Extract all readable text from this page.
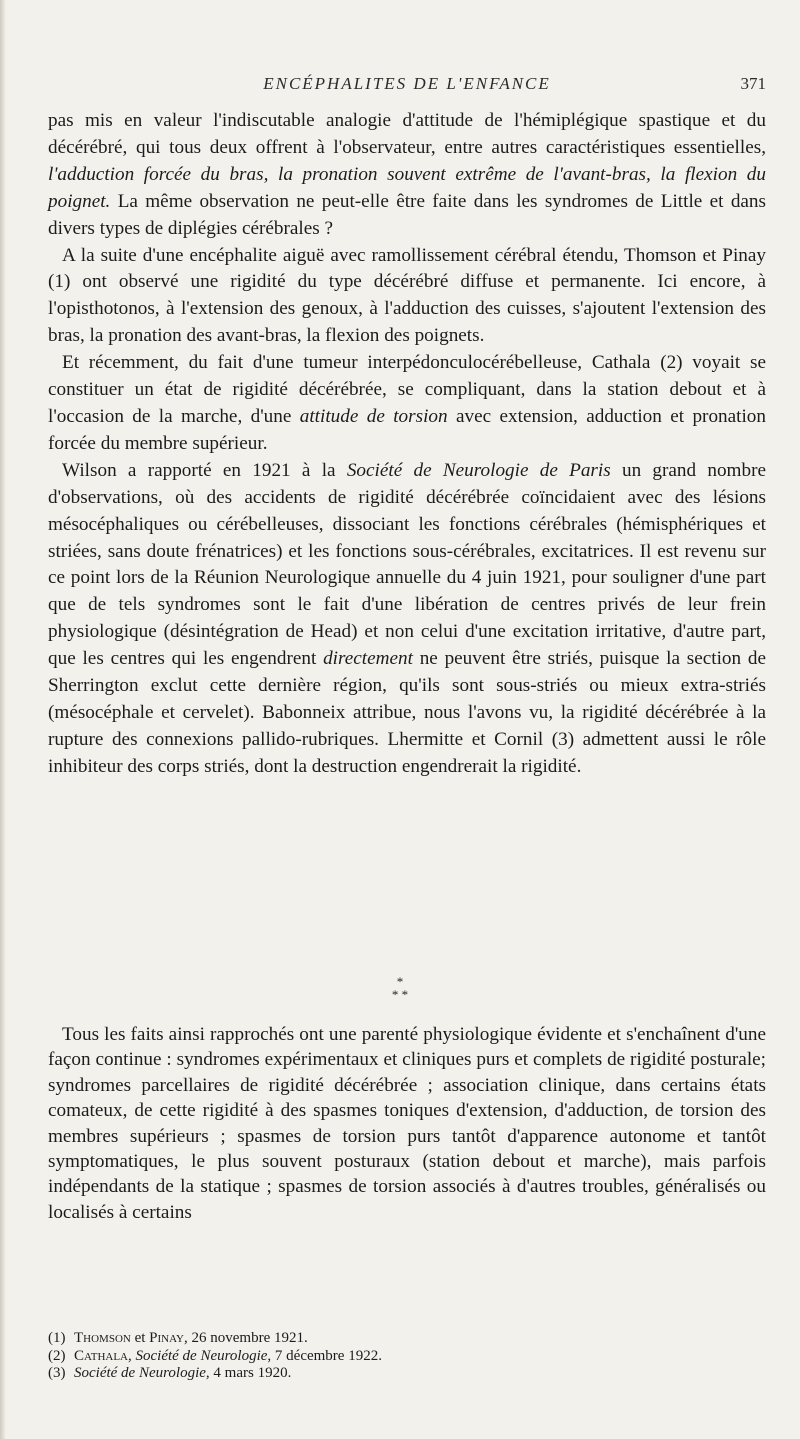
ENCÉPHALITES DE L'ENFANCE	371

pas mis en valeur l'indiscutable analogie d'attitude de l'hémiplégique spastique et du décérébré, qui tous deux offrent à l'observateur, entre autres caractéristiques essentielles, l'adduction forcée du bras, la pronation souvent extrême de l'avant-bras, la flexion du poignet. La même observation ne peut-elle être faite dans les syndromes de Little et dans divers types de diplégies cérébrales ?

A la suite d'une encéphalite aiguë avec ramollissement cérébral étendu, Thomson et Pinay (1) ont observé une rigidité du type décérébré diffuse et permanente. Ici encore, à l'opisthotonos, à l'extension des genoux, à l'adduction des cuisses, s'ajoutent l'extension des bras, la pronation des avant-bras, la flexion des poignets.

Et récemment, du fait d'une tumeur interpédonculocérébelleuse, Cathala (2) voyait se constituer un état de rigidité décérébrée, se compliquant, dans la station debout et à l'occasion de la marche, d'une attitude de torsion avec extension, adduction et pronation forcée du membre supérieur.

Wilson a rapporté en 1921 à la Société de Neurologie de Paris un grand nombre d'observations, où des accidents de rigidité décérébrée coïncidaient avec des lésions mésocéphaliques ou cérébelleuses, dissociant les fonctions cérébrales (hémisphériques et striées, sans doute frénatrices) et les fonctions sous-cérébrales, excitatrices. Il est revenu sur ce point lors de la Réunion Neurologique annuelle du 4 juin 1921, pour souligner d'une part que de tels syndromes sont le fait d'une libération de centres privés de leur frein physiologique (désintégration de Head) et non celui d'une excitation irritative, d'autre part, que les centres qui les engendrent directement ne peuvent être striés, puisque la section de Sherrington exclut cette dernière région, qu'ils sont sous-striés ou mieux extra-striés (mésocéphale et cervelet). Babonneix attribue, nous l'avons vu, la rigidité décérébrée à la rupture des connexions pallido-rubriques. Lhermitte et Cornil (3) admettent aussi le rôle inhibiteur des corps striés, dont la destruction engendrerait la rigidité.

*
* *

Tous les faits ainsi rapprochés ont une parenté physiologique évidente et s'enchaînent d'une façon continue : syndromes expérimentaux et cliniques purs et complets de rigidité posturale; syndromes parcellaires de rigidité décérébrée ; association clinique, dans certains états comateux, de cette rigidité à des spasmes toniques d'extension, d'adduction, de torsion des membres supérieurs ; spasmes de torsion purs tantôt d'apparence autonome et tantôt symptomatiques, le plus souvent posturaux (station debout et marche), mais parfois indépendants de la statique ; spasmes de torsion associés à d'autres troubles, généralisés ou localisés à certains

(1) Thomson et Pinay, 26 novembre 1921.
(2) Cathala, Société de Neurologie, 7 décembre 1922.
(3) Société de Neurologie, 4 mars 1920.
